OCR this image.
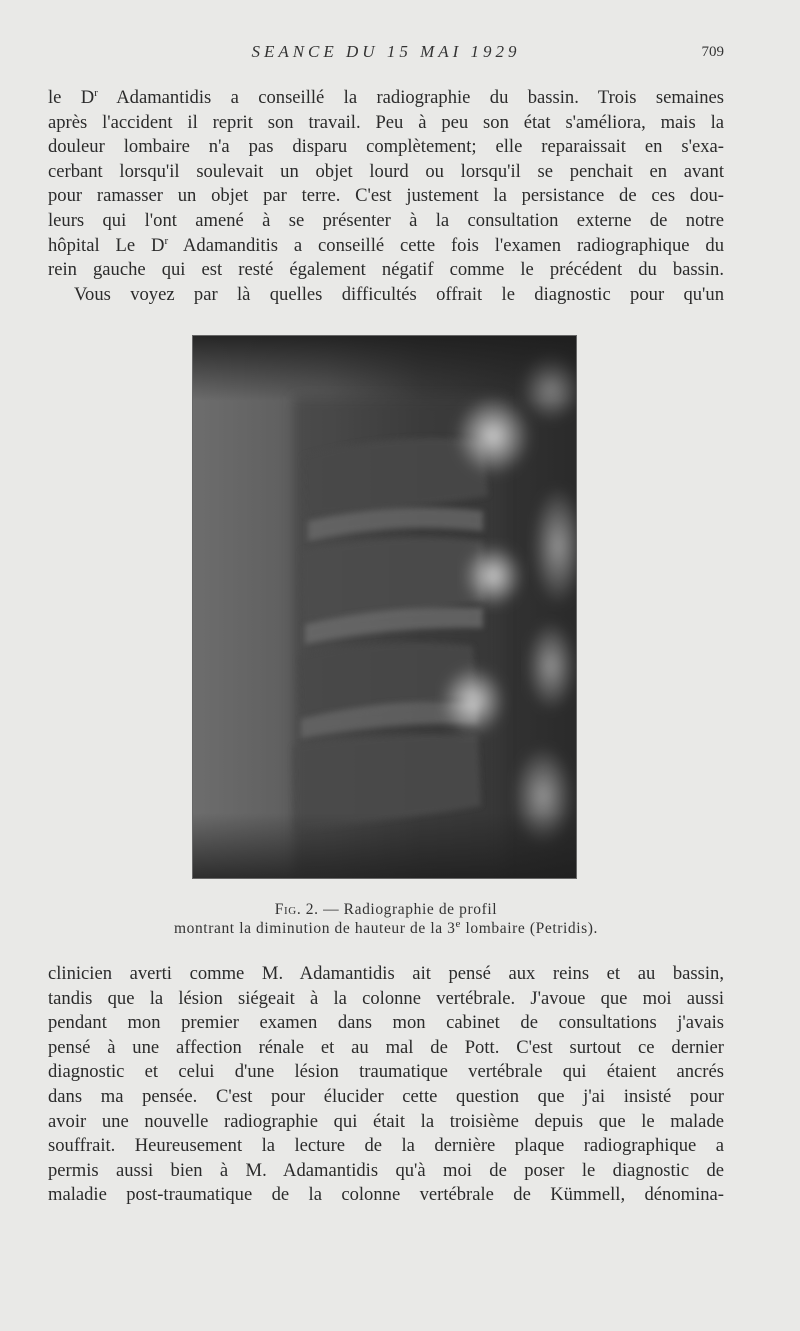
SEANCE DU 15 MAI 1929	709
le $D^r$ Adamantidis a conseillé la radiographie du bassin. Trois semaines
après l'accident il reprit son travail. Peu à peu son état s'améliora, mais la
douleur lombaire n'a pas disparu complètement; elle reparaissait en s'exa-
cerbant lorsqu'il soulevait un objet lourd ou lorsqu'il se penchait en avant
pour ramasser un objet par terre. C'est justement la persistance de ces dou-
leurs qui l'ont amené à se présenter à la consultation externe de notre
hôpital Le $D^r$ Adamanditis a conseillé cette fois l'examen radiographique du
rein gauche qui est resté également négatif comme le précédent du bassin.
Vous voyez par là quelles difficultés offrait le diagnostic pour qu'un
Fig. 2. — Radiographie de profil
montrant la diminution de hauteur de la 3e lombaire (Petridis).
clinicien averti comme M. Adamantidis ait pensé aux reins et au bassin,
tandis que la lésion siégeait à la colonne vertébrale. J'avoue que moi aussi
pendant mon premier examen dans mon cabinet de consultations j'avais
pensé à une affection rénale et au mal de Pott. C'est surtout ce dernier
diagnostic et celui d'une lésion traumatique vertébrale qui étaient ancrés
dans ma pensée. C'est pour élucider cette question que j'ai insisté pour
avoir une nouvelle radiographie qui était la troisième depuis que le malade
souffrait. Heureusement la lecture de la dernière plaque radiographique a
permis aussi bien à M. Adamantidis qu'à moi de poser le diagnostic de
maladie post-traumatique de la colonne vertébrale de Kümmell, dénomina-
